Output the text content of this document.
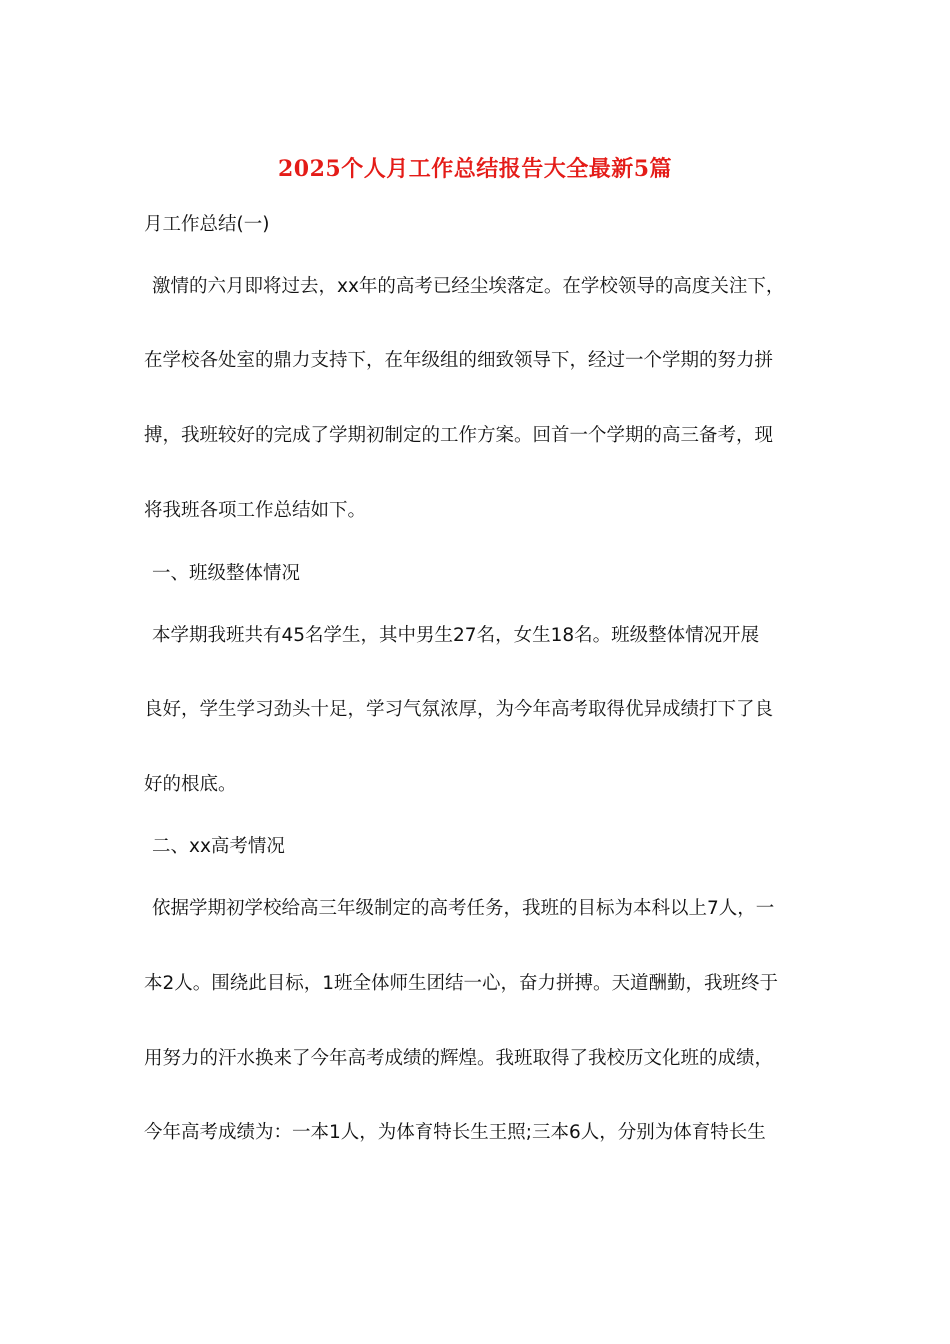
2025个人月工作总结报告大全最新5篇
月工作总结(一)
激情的六月即将过去，xx年的高考已经尘埃落定。在学校领导的高度关注下，
在学校各处室的鼎力支持下，在年级组的细致领导下，经过一个学期的努力拼
搏，我班较好的完成了学期初制定的工作方案。回首一个学期的高三备考，现
将我班各项工作总结如下。
一、班级整体情况
本学期我班共有45名学生，其中男生27名，女生18名。班级整体情况开展
良好，学生学习劲头十足，学习气氛浓厚，为今年高考取得优异成绩打下了良
好的根底。
二、xx高考情况
依据学期初学校给高三年级制定的高考任务，我班的目标为本科以上7人，一
本2人。围绕此目标，1班全体师生团结一心，奋力拼搏。天道酬勤，我班终于
用努力的汗水换来了今年高考成绩的辉煌。我班取得了我校历文化班的成绩，
今年高考成绩为：一本1人，为体育特长生王照;三本6人，分别为体育特长生
